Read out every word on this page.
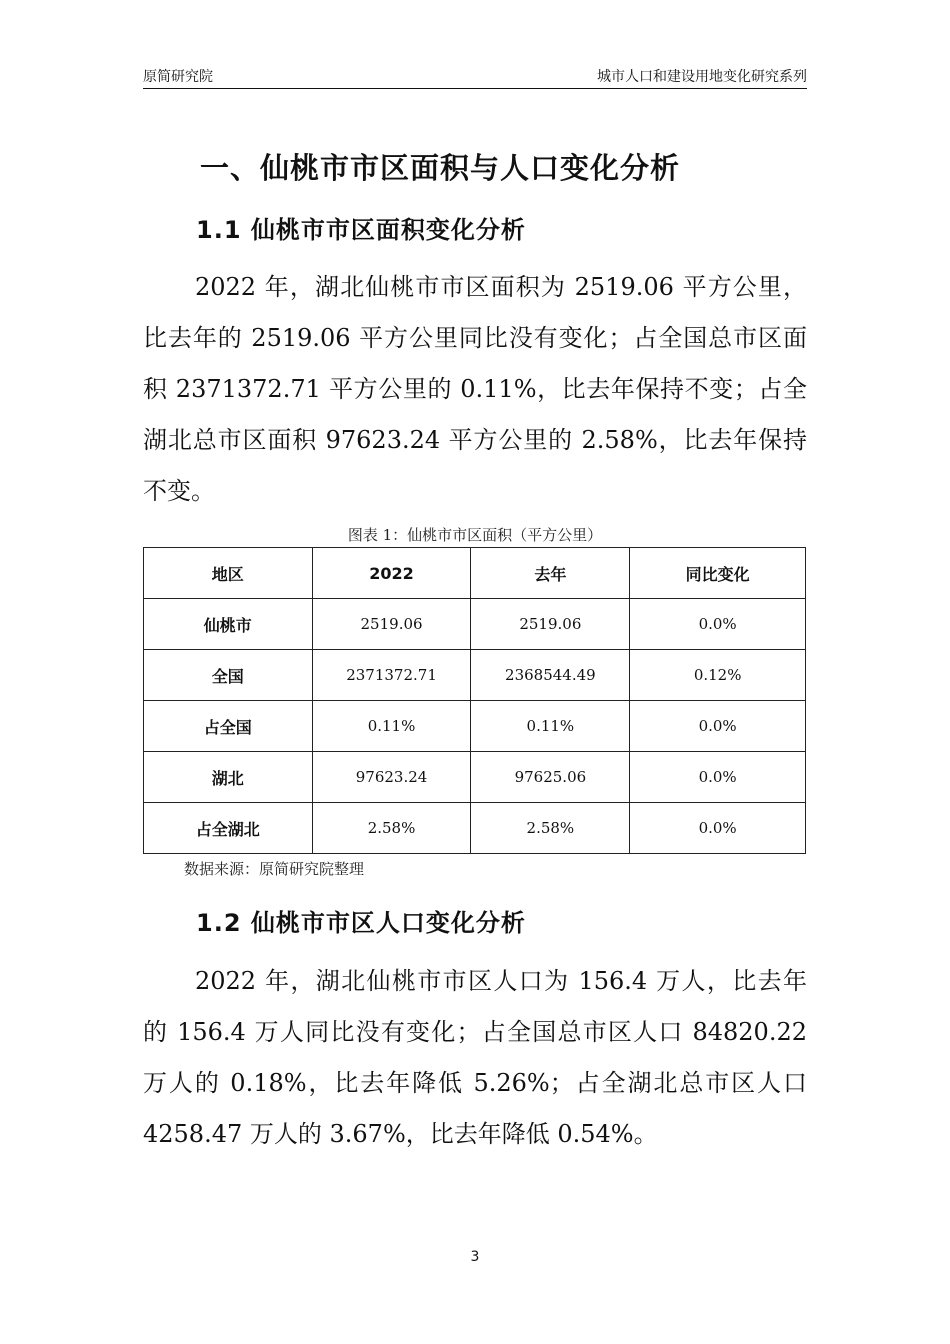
原简研究院	城市人口和建设用地变化研究系列
一、仙桃市市区面积与人口变化分析
1.1 仙桃市市区面积变化分析
2022 年，湖北仙桃市市区面积为 2519.06 平方公里，
比去年的 2519.06 平方公里同比没有变化；占全国总市区面
积 2371372.71 平方公里的 0.11%，比去年保持不变；占全
湖北总市区面积 97623.24 平方公里的 2.58%，比去年保持
不变。
图表 1：仙桃市市区面积（平方公里）
地区	2022	去年	同比变化
仙桃市	2519.06	2519.06	0.0%
全国	2371372.71	2368544.49	0.12%
占全国	0.11%	0.11%	0.0%
湖北	97623.24	97625.06	0.0%
占全湖北	2.58%	2.58%	0.0%
数据来源：原简研究院整理
1.2 仙桃市市区人口变化分析
2022 年，湖北仙桃市市区人口为 156.4 万人，比去年
的 156.4 万人同比没有变化；占全国总市区人口 84820.22
万人的 0.18%，比去年降低 5.26%；占全湖北总市区人口
4258.47 万人的 3.67%，比去年降低 0.54%。
3
